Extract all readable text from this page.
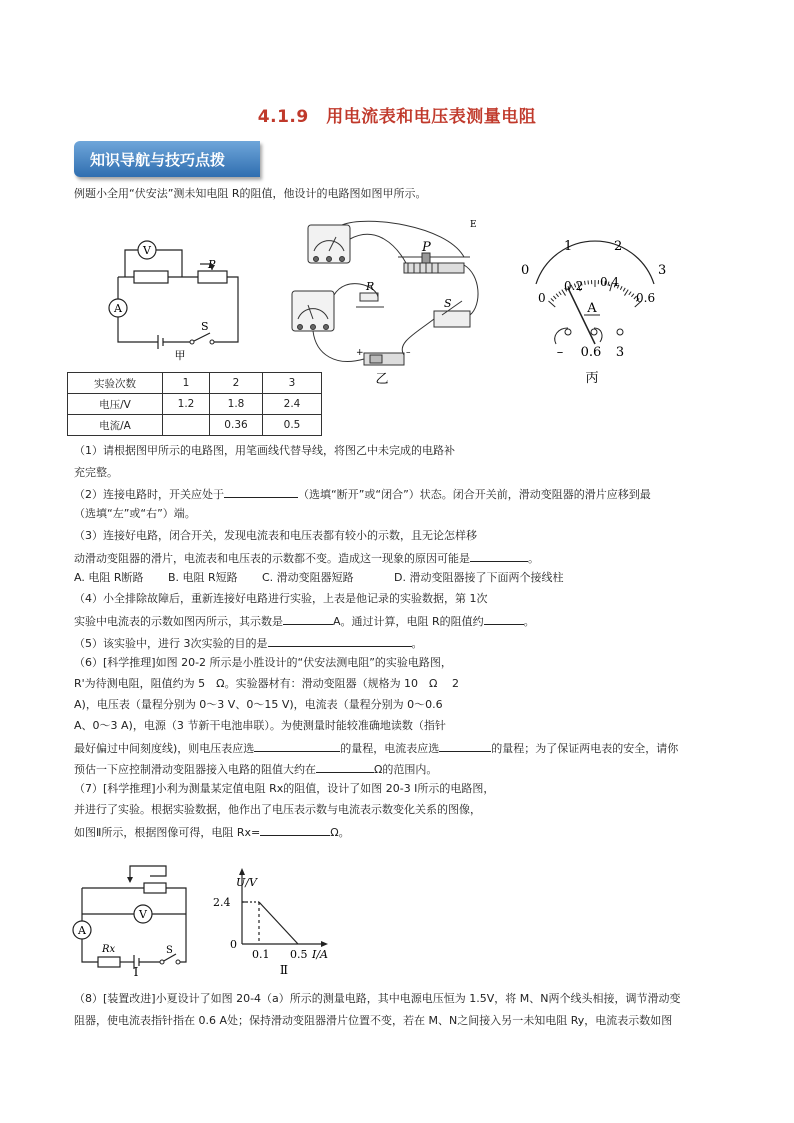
4.1.9　用电流表和电压表测量电阻
知识导航与技巧点拨
例题小全用“伏安法”测未知电阻 R的阻值，他设计的电路图如图甲所示。
V
A
P
S
甲
P
R
S
E
+	–
乙
0
1	2
3
0
0.2 0.4
0.6
A
– 0.6 3
丙
实验次数	1	2	3
电压/V	1.2	1.8	2.4
电流/A		0.36	0.5
（1）请根据图甲所示的电路图，用笔画线代替导线，将图乙中未完成的电路补
充完整。
（2）连接电路时，开关应处于	（选填“断开”或“闭合”）状态。闭合开关前，滑动变阻器的滑片应移到最
（选填“左”或“右”）端。
（3）连接好电路，闭合开关，发现电流表和电压表都有较小的示数，且无论怎样移
动滑动变阻器的滑片，电流表和电压表的示数都不变。造成这一现象的原因可能是	。
A. 电阻 R断路 B. 电阻 R短路 C. 滑动变阻器短路	D. 滑动变阻器接了下面两个接线柱
（4）小全排除故障后，重新连接好电路进行实验，上表是他记录的实验数据，第 1次
实验中电流表的示数如图丙所示，其示数是	A。通过计算，电阻 R的阻值约	。
（5）该实验中，进行 3次实验的目的是	。
（6）[科学推理]如图 20-2 所示是小胜设计的“伏安法测电阻”的实验电路图，
R'为待测电阻，阻值约为 5　Ω。实验器材有：滑动变阻器（规格为 10　Ω　 2
A)，电压表（量程分别为 0～3 V、0～15 V)，电流表（量程分别为 0～0.6
A、0～3 A)，电源（3 节新干电池串联）。为使测量时能较准确地读数（指针
最好偏过中间刻度线)，则电压表应选	的量程，电流表应选	的量程；为了保证两电表的安全，请你
预估一下应控制滑动变阻器接入电路的阻值大约在	Ω的范围内。
（7）[科学推理]小利为测量某定值电阻 Rx的阻值，设计了如图 20-3 Ⅰ所示的电路图，
并进行了实验。根据实验数据，他作出了电压表示数与电流表示数变化关系的图像，
如图Ⅱ所示，根据图像可得，电阻 Rx=	Ω。
V
A
Rx	S
Ⅰ
U/V
2.4
0
0.1 0.5 I/A
Ⅱ
（8）[装置改进]小夏设计了如图 20-4（a）所示的测量电路，其中电源电压恒为 1.5V，将 M、N两个线头相接，调节滑动变
阻器，使电流表指针指在 0.6 A处；保持滑动变阻器滑片位置不变，若在 M、N之间接入另一未知电阻 Ry，电流表示数如图
